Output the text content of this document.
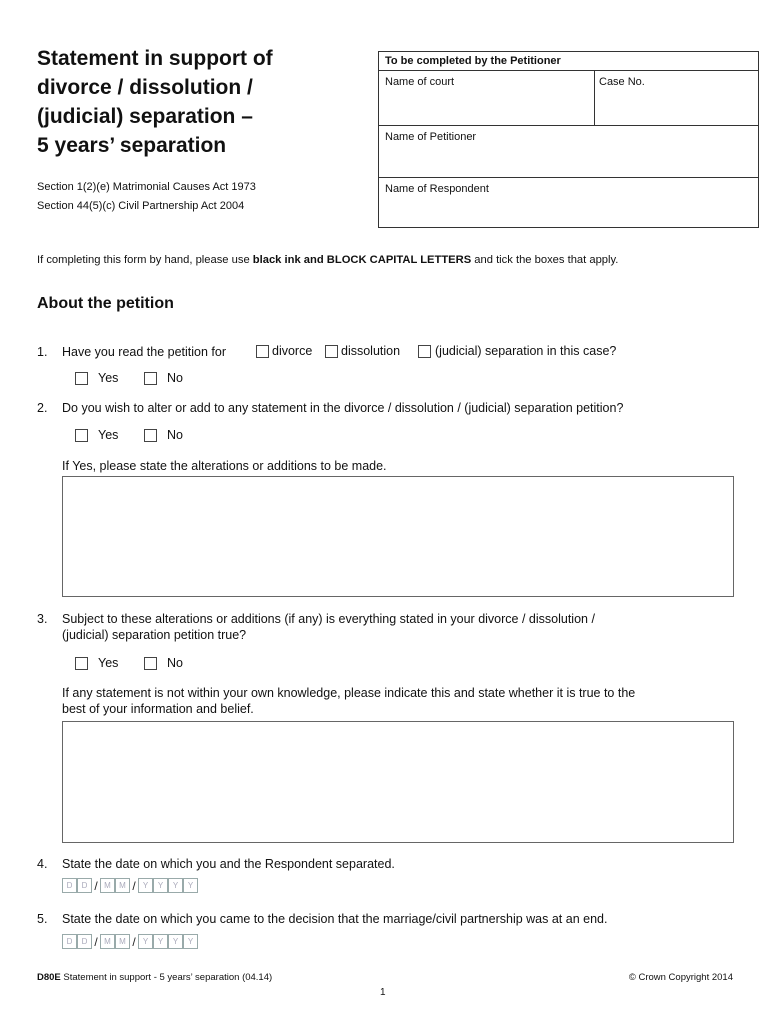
Statement in support of
divorce / dissolution /
(judicial) separation –
5 years’ separation
Section 1(2)(e) Matrimonial Causes Act 1973
Section 44(5)(c) Civil Partnership Act 2004
To be completed by the Petitioner
Name of court	Case No.
Name of Petitioner
Name of Respondent
If completing this form by hand, please use black ink and BLOCK CAPITAL LETTERS and tick the boxes that apply.
About the petition
1. Have you read the petition for	divorce dissolution	(judicial) separation in this case?
Yes	No
2. Do you wish to alter or add to any statement in the divorce / dissolution / (judicial) separation petition?
Yes	No
If Yes, please state the alterations or additions to be made.
3. Subject to these alterations or additions (if any) is everything stated in your divorce / dissolution /
(judicial) separation petition true?
Yes	No
If any statement is not within your own knowledge, please indicate this and state whether it is true to the
best of your information and belief.
4. State the date on which you and the Respondent separated.
D	D / M	M / Y	Y	Y	Y
5. State the date on which you came to the decision that the marriage/civil partnership was at an end.
D	D / M	M / Y	Y	Y	Y
D80E Statement in support - 5 years’ separation (04.14)	© Crown Copyright 2014
1
